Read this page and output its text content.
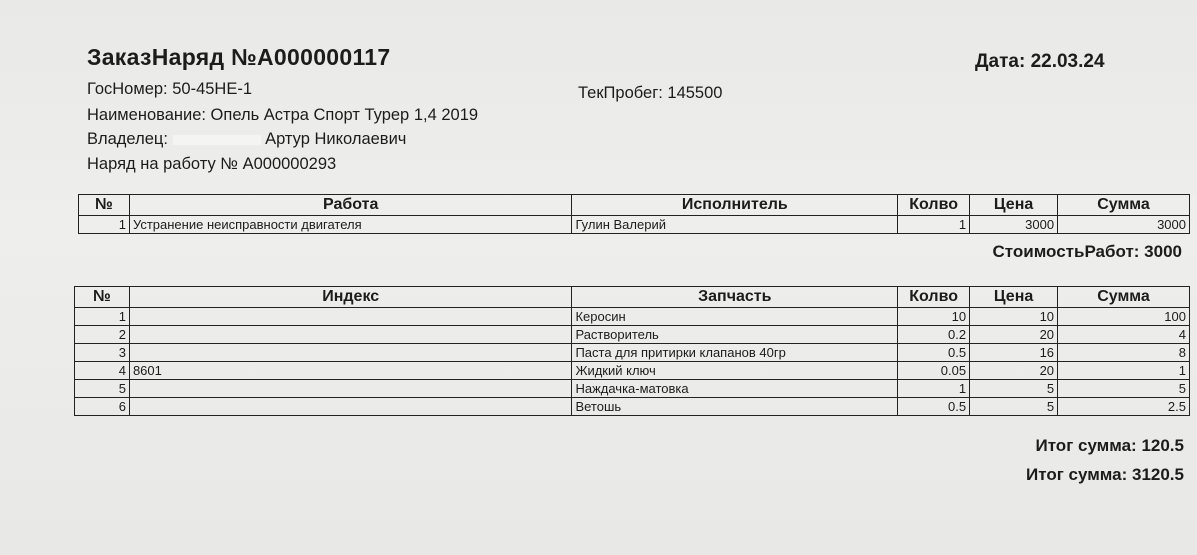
ЗаказНаряд №А000000117	Дата: 22.03.24
ГосНомер: 50-45НЕ-1	ТекПробег: 145500
Наименование: Опель Астра Спорт Турер 1,4 2019
Владелец:	Артур Николаевич
Наряд на работу № А000000293
№	Работа	Исполнитель	Колво	Цена	Сумма
1	Устранение неисправности двигателя	Гулин Валерий	1	3000	3000
СтоимостьРабот: 3000
№	Индекс	Запчасть	Колво	Цена	Сумма
1		Керосин	10	10	100
2		Растворитель	0.2	20	4
3		Паста для притирки клапанов 40гр	0.5	16	8
4	8601	Жидкий ключ	0.05	20	1
5		Наждачка-матовка	1	5	5
6		Ветошь	0.5	5	2.5
Итог сумма: 120.5
Итог сумма: 3120.5
